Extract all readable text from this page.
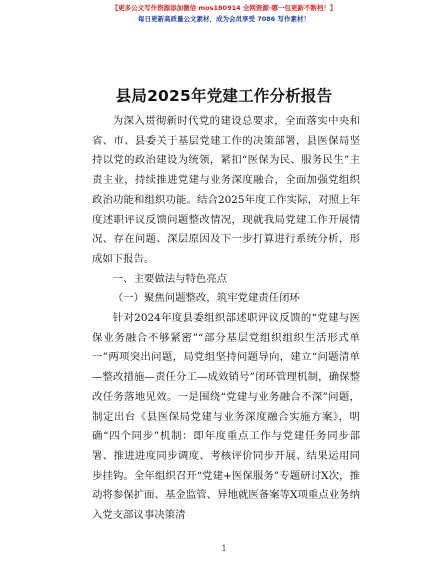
【更多公文写作资源添加微信 mos180914 全网资源·哪一包更新不断档！】
每日更新高质量公文素材，成为会员享受 7086 写作素材！
县局2025年党建工作分析报告

为深入贯彻新时代党的建设总要求，全面落实中央和省、市、县委关于基层党建工作的决策部署，县医保局坚持以党的政治建设为统领，紧扣“医保为民、服务民生”主责主业，持续推进党建与业务深度融合，全面加强党组织政治功能和组织功能。结合2025年度工作实际，对照上年度述职评议反馈问题整改情况，现就我局党建工作开展情况、存在问题、深层原因及下一步打算进行系统分析，形成如下报告。

一、主要做法与特色亮点

（一）聚焦问题整改，筑牢党建责任闭环

针对2024年度县委组织部述职评议反馈的“党建与医保业务融合不够紧密”“部分基层党组织组织生活形式单一”两项突出问题，局党组坚持问题导向，建立“问题清单—整改措施—责任分工—成效销号”闭环管理机制，确保整改任务落地见效。一是围绕“党建与业务融合不深”问题，制定出台《县医保局党建与业务深度融合实施方案》，明确“四个同步”机制：即年度重点工作与党建任务同步部署、推进进度同步调度、考核评价同步开展、结果运用同步挂钩。全年组织召开“党建+医保服务”专题研讨X次，推动将参保扩面、基金监管、异地就医备案等X项重点业务纳入党支部议事决策清

1
